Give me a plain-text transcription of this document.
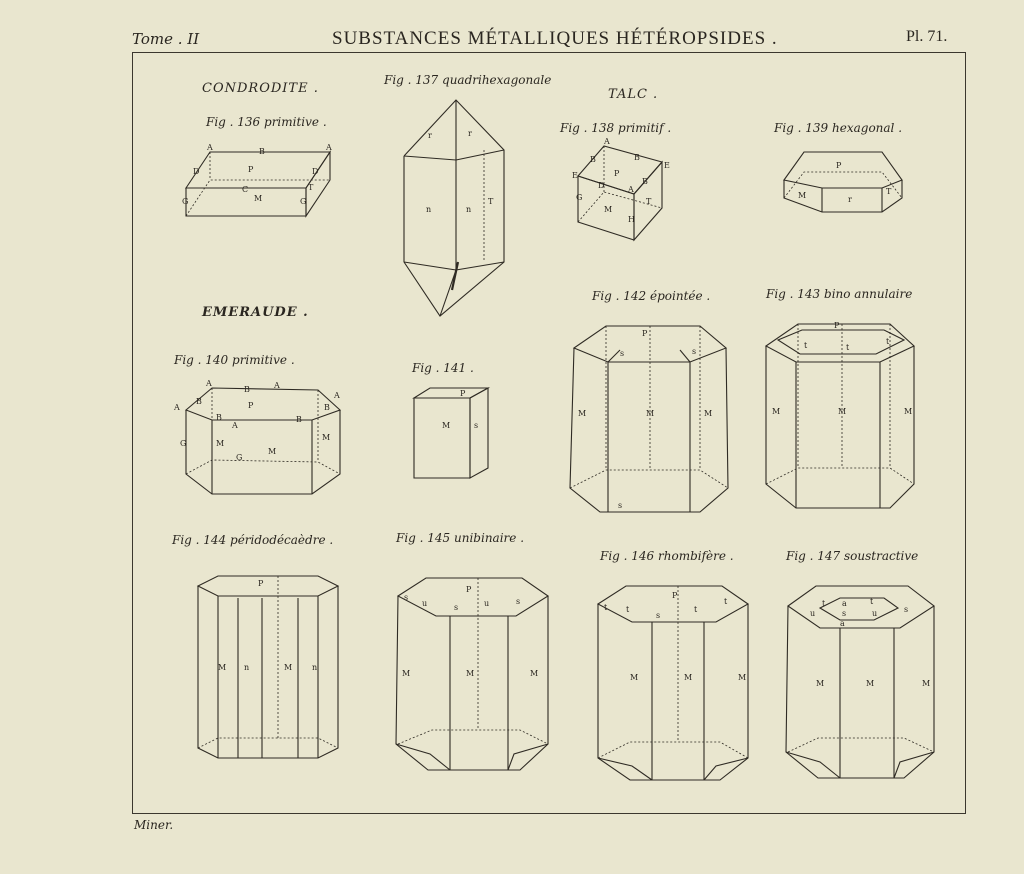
Tome . II	SUBSTANCES MÉTALLIQUES HÉTÉROPSIDES .	Pl. 71.
Miner.
CONDRODITE .	TALC .
EMERAUDE .
Fig . 136 primitive .
Fig . 137 quadrihexagonale
Fig . 138 primitif .	Fig . 139 hexagonal .
Fig . 140 primitive .
Fig . 141 .
Fig . 142 épointée .	Fig . 143 bino annulaire
Fig . 144 péridodécaèdre .	Fig . 145 unibinaire .
Fig . 146 rhombifère .	Fig . 147 soustractive
A	B	A
P
D	D
C
G	G
M
T
r	r
n	n
T
A
B	B
P
E
E
D	A
B
G
M
T
H
P
M	r
T
A
B	A
B
A	P	B
A
B
A
B
G	M
M
M
G
P
M	s
P
s	s
M	M	M
s
P
t	t
t
M	M	M
P
M n	M n
P
s
u	s	u	s
M	M	M
P
t t
s
t
t
M	M	M
t a	t
u	s	u	s
a
M	M	M
